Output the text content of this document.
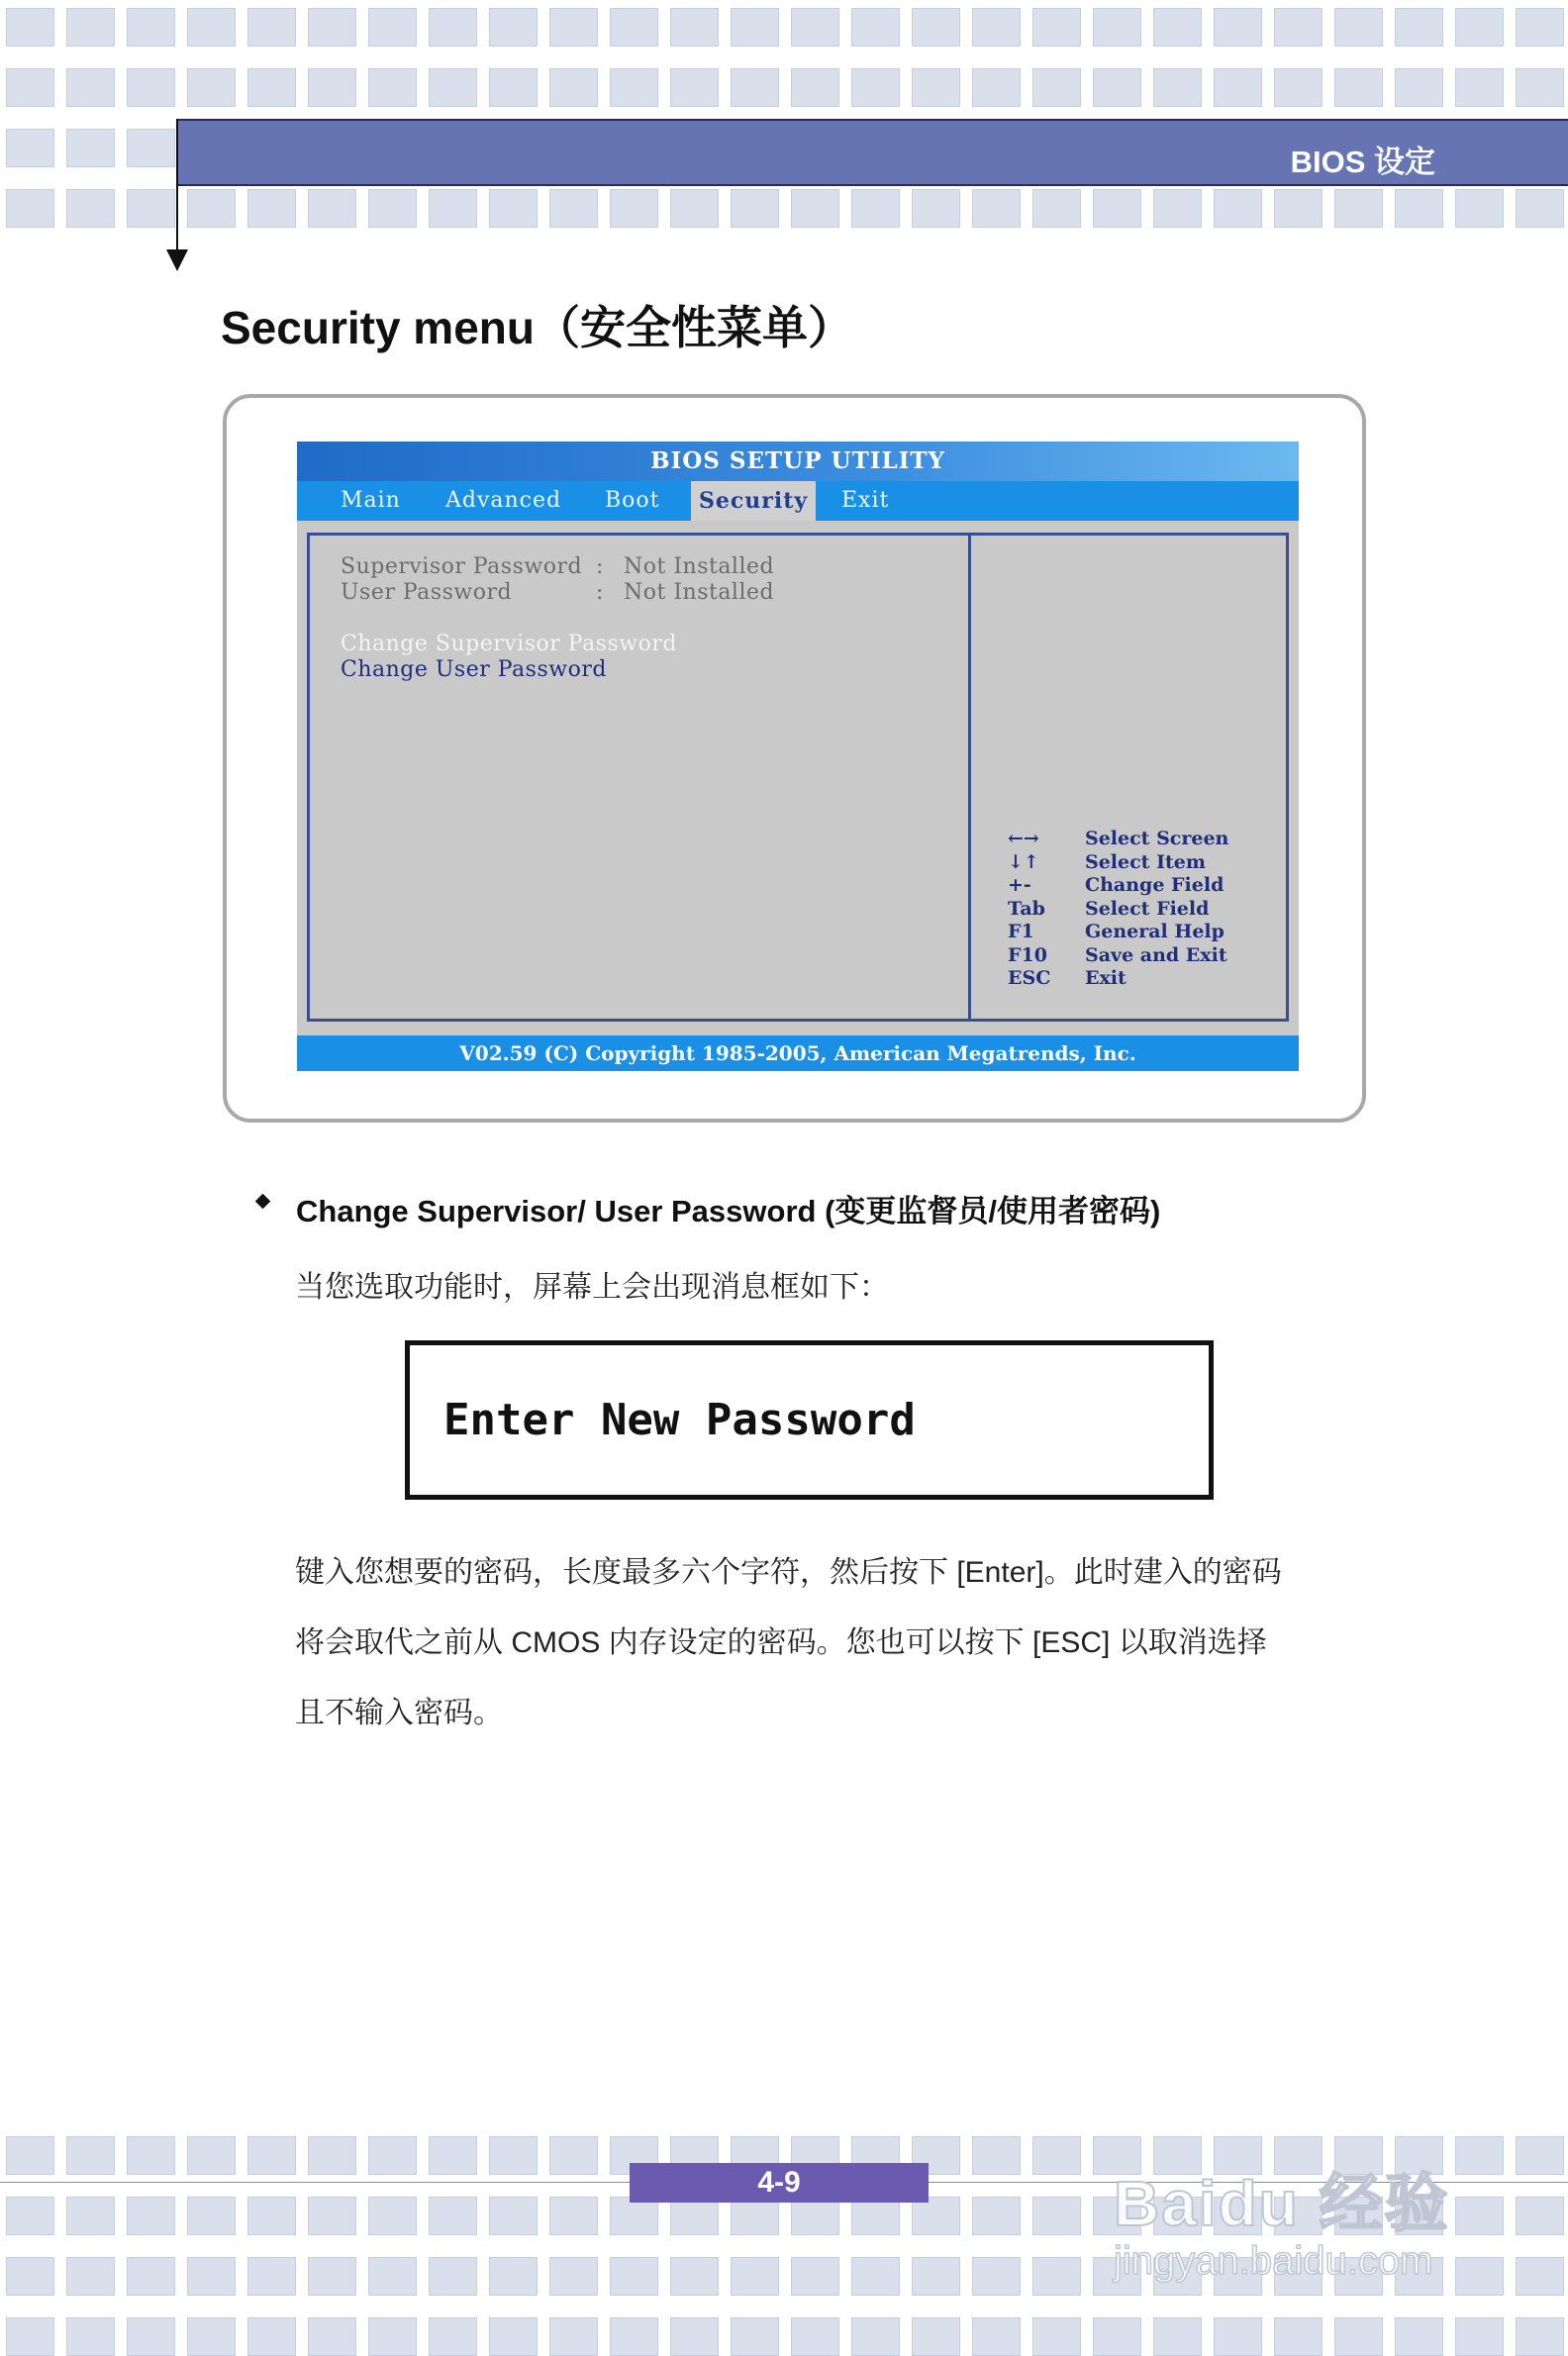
BIOS 设定
Security menu（安全性菜单）
BIOS SETUP UTILITY
Main Advanced Boot	Security	Exit
Supervisor Password : Not Installed
User Password	: Not Installed
Change Supervisor Password
Change User Password
←→ Select Screen
↓↑ Select Item
+-	Change Field
Tab Select Field
F1	General Help
F10 Save and Exit
ESC Exit
V02.59 (C) Copyright 1985-2005, American Megatrends, Inc.
Change Supervisor/ User Password (变更监督员/使用者密码)

当您选取功能时，屏幕上会出现消息框如下：

Enter New Password

键入您想要的密码，长度最多六个字符，然后按下 [Enter]。此时建入的密码

将会取代之前从 CMOS 内存设定的密码。您也可以按下 [ESC] 以取消选择

且不输入密码。

4-9	Baidu 经验
jingyan.baidu.com
